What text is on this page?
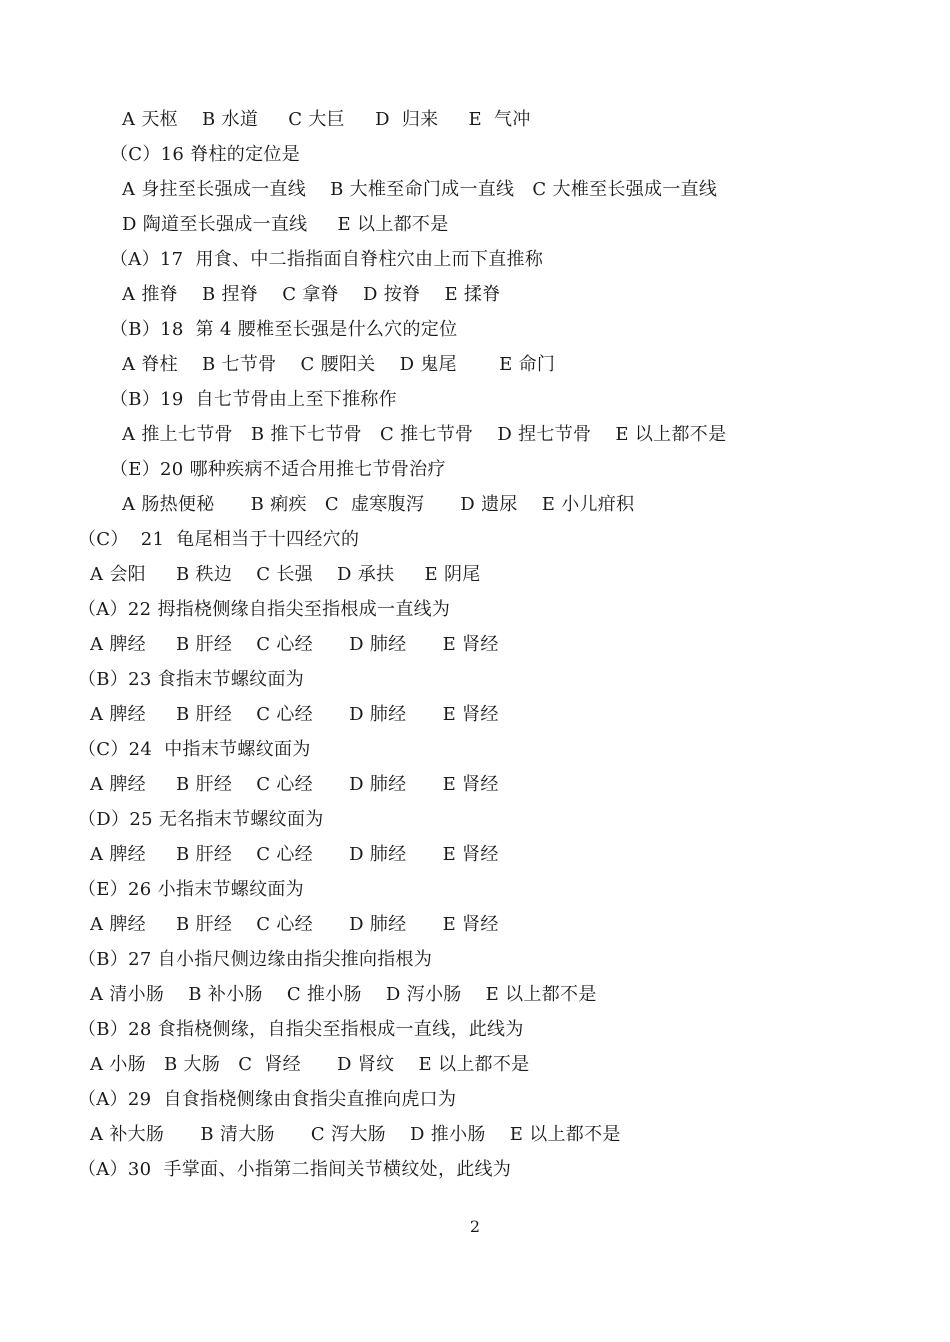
A 天枢    B 水道     C 大巨     D  归来     E  气冲
（C）16 脊柱的定位是
A 身拄至长强成一直线    B 大椎至命门成一直线   C 大椎至长强成一直线
D 陶道至长强成一直线     E 以上都不是
（A）17  用食、中二指指面自脊柱穴由上而下直推称
A 推脊    B 捏脊    C 拿脊    D 按脊    E 揉脊
（B）18  第 4 腰椎至长强是什么穴的定位
A 脊柱    B 七节骨    C 腰阳关    D 鬼尾       E 命门
（B）19  自七节骨由上至下推称作
A 推上七节骨   B 推下七节骨   C 推七节骨    D 捏七节骨    E 以上都不是
（E）20 哪种疾病不适合用推七节骨治疗
A 肠热便秘      B 痢疾   C  虚寒腹泻      D 遗尿    E 小儿疳积
（C）  21  龟尾相当于十四经穴的
A 会阳     B 秩边    C 长强    D 承扶     E 阴尾
（A）22 拇指桡侧缘自指尖至指根成一直线为
A 脾经     B 肝经    C 心经      D 肺经      E 肾经
（B）23 食指末节螺纹面为
A 脾经     B 肝经    C 心经      D 肺经      E 肾经
（C）24  中指末节螺纹面为
A 脾经     B 肝经    C 心经      D 肺经      E 肾经
（D）25 无名指末节螺纹面为
A 脾经     B 肝经    C 心经      D 肺经      E 肾经
（E）26 小指末节螺纹面为
A 脾经     B 肝经    C 心经      D 肺经      E 肾经
（B）27 自小指尺侧边缘由指尖推向指根为
A 清小肠    B 补小肠    C 推小肠    D 泻小肠    E 以上都不是
（B）28 食指桡侧缘，自指尖至指根成一直线，此线为
A 小肠   B 大肠   C  肾经      D 肾纹    E 以上都不是
（A）29  自食指桡侧缘由食指尖直推向虎口为
A 补大肠      B 清大肠      C 泻大肠    D 推小肠    E 以上都不是
（A）30  手掌面、小指第二指间关节横纹处，此线为
2
